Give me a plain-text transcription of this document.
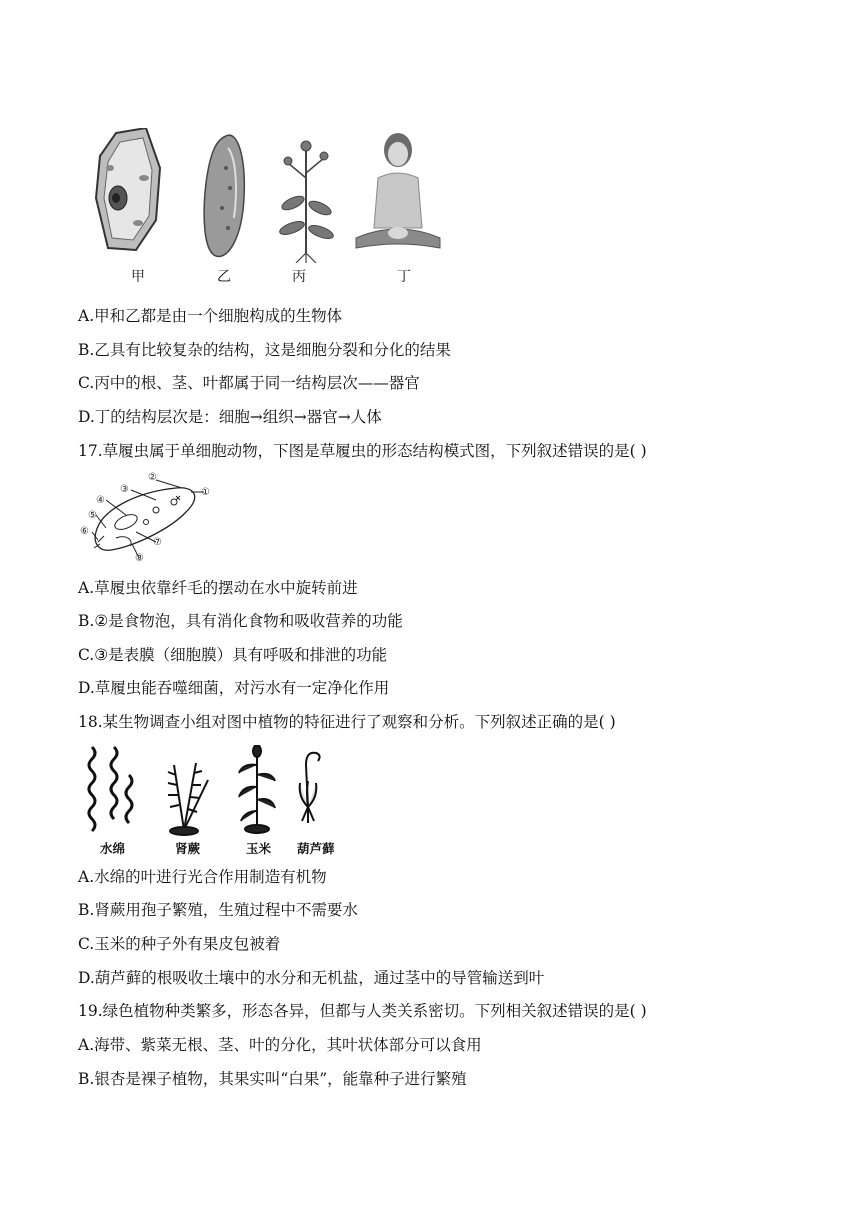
甲	乙	丙	丁
A.甲和乙都是由一个细胞构成的生物体
B.乙具有比较复杂的结构，这是细胞分裂和分化的结果
C.丙中的根、茎、叶都属于同一结构层次——器官
D.丁的结构层次是：细胞→组织→器官→人体
17.草履虫属于单细胞动物，下图是草履虫的形态结构模式图，下列叙述错误的是( )
①
②
③
④
⑤
⑥
⑦
⑧
A.草履虫依靠纤毛的摆动在水中旋转前进
B.②是食物泡，具有消化食物和吸收营养的功能
C.③是表膜（细胞膜）具有呼吸和排泄的功能
D.草履虫能吞噬细菌，对污水有一定净化作用
18.某生物调查小组对图中植物的特征进行了观察和分析。下列叙述正确的是( )
水绵	肾蕨	玉米 葫芦藓
A.水绵的叶进行光合作用制造有机物
B.肾蕨用孢子繁殖，生殖过程中不需要水
C.玉米的种子外有果皮包被着
D.葫芦藓的根吸收土壤中的水分和无机盐，通过茎中的导管输送到叶
19.绿色植物种类繁多，形态各异，但都与人类关系密切。下列相关叙述错误的是( )
A.海带、紫菜无根、茎、叶的分化，其叶状体部分可以食用
B.银杏是裸子植物，其果实叫“白果”，能靠种子进行繁殖
